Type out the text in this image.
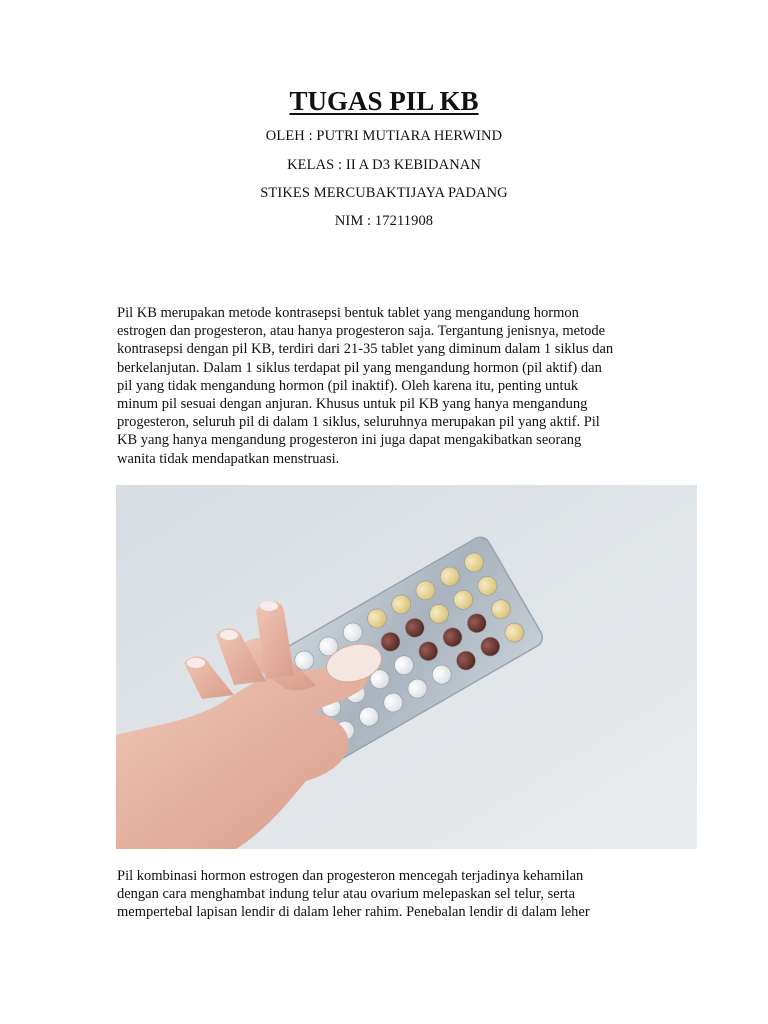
TUGAS PIL KB
OLEH : PUTRI MUTIARA HERWIND
KELAS : II A D3 KEBIDANAN
STIKES MERCUBAKTIJAYA PADANG
NIM : 17211908
Pil KB merupakan metode kontrasepsi bentuk tablet yang mengandung hormon
estrogen dan progesteron, atau hanya progesteron saja. Tergantung jenisnya, metode
kontrasepsi dengan pil KB, terdiri dari 21-35 tablet yang diminum dalam 1 siklus dan
berkelanjutan. Dalam 1 siklus terdapat pil yang mengandung hormon (pil aktif) dan
pil yang tidak mengandung hormon (pil inaktif). Oleh karena itu, penting untuk
minum pil sesuai dengan anjuran. Khusus untuk pil KB yang hanya mengandung
progesteron, seluruh pil di dalam 1 siklus, seluruhnya merupakan pil yang aktif. Pil
KB yang hanya mengandung progesteron ini juga dapat mengakibatkan seorang
wanita tidak mendapatkan menstruasi.
Pil kombinasi hormon estrogen dan progesteron mencegah terjadinya kehamilan
dengan cara menghambat indung telur atau ovarium melepaskan sel telur, serta
mempertebal lapisan lendir di dalam leher rahim. Penebalan lendir di dalam leher
